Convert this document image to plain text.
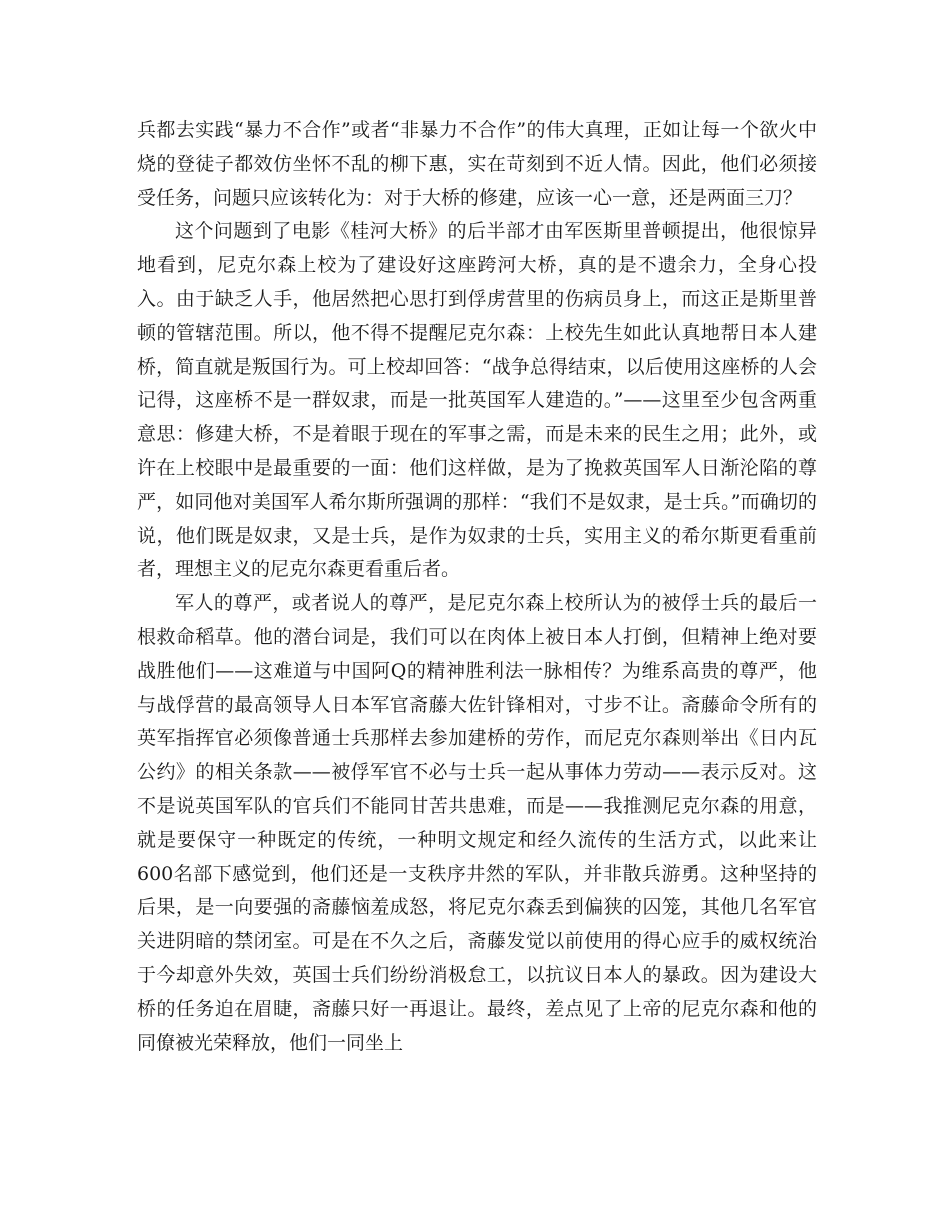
兵都去实践“暴力不合作”或者“非暴力不合作”的伟大真理，正如让每一个欲火中烧的登徒子都效仿坐怀不乱的柳下惠，实在苛刻到不近人情。因此，他们必须接受任务，问题只应该转化为：对于大桥的修建，应该一心一意，还是两面三刀？

这个问题到了电影《桂河大桥》的后半部才由军医斯里普顿提出，他很惊异地看到，尼克尔森上校为了建设好这座跨河大桥，真的是不遗余力，全身心投入。由于缺乏人手，他居然把心思打到俘虏营里的伤病员身上，而这正是斯里普顿的管辖范围。所以，他不得不提醒尼克尔森：上校先生如此认真地帮日本人建桥，简直就是叛国行为。可上校却回答：“战争总得结束，以后使用这座桥的人会记得，这座桥不是一群奴隶，而是一批英国军人建造的。”——这里至少包含两重意思：修建大桥，不是着眼于现在的军事之需，而是未来的民生之用；此外，或许在上校眼中是最重要的一面：他们这样做，是为了挽救英国军人日渐沦陷的尊严，如同他对美国军人希尔斯所强调的那样：“我们不是奴隶，是士兵。”而确切的说，他们既是奴隶，又是士兵，是作为奴隶的士兵，实用主义的希尔斯更看重前者，理想主义的尼克尔森更看重后者。

军人的尊严，或者说人的尊严，是尼克尔森上校所认为的被俘士兵的最后一根救命稻草。他的潜台词是，我们可以在肉体上被日本人打倒，但精神上绝对要战胜他们——这难道与中国阿Q的精神胜利法一脉相传？为维系高贵的尊严，他与战俘营的最高领导人日本军官斋藤大佐针锋相对，寸步不让。斋藤命令所有的英军指挥官必须像普通士兵那样去参加建桥的劳作，而尼克尔森则举出《日内瓦公约》的相关条款——被俘军官不必与士兵一起从事体力劳动——表示反对。这不是说英国军队的官兵们不能同甘苦共患难，而是——我推测尼克尔森的用意，就是要保守一种既定的传统，一种明文规定和经久流传的生活方式，以此来让600名部下感觉到，他们还是一支秩序井然的军队，并非散兵游勇。这种坚持的后果，是一向要强的斋藤恼羞成怒，将尼克尔森丢到偏狭的囚笼，其他几名军官关进阴暗的禁闭室。可是在不久之后，斋藤发觉以前使用的得心应手的威权统治于今却意外失效，英国士兵们纷纷消极怠工，以抗议日本人的暴政。因为建设大桥的任务迫在眉睫，斋藤只好一再退让。最终，差点见了上帝的尼克尔森和他的同僚被光荣释放，他们一同坐上
